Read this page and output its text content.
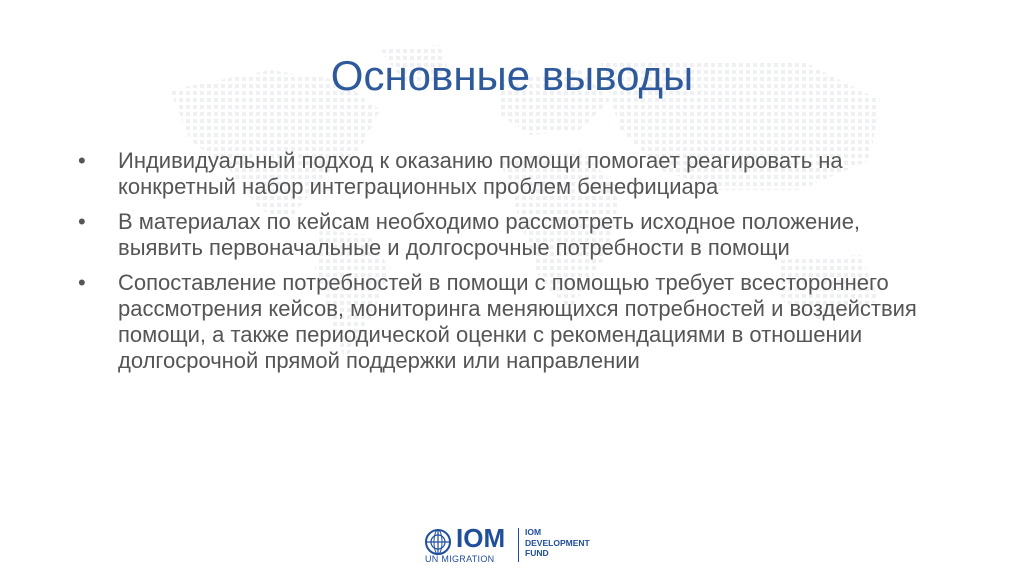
Основные выводы
•	Индивидуальный подход к оказанию помощи помогает реагировать на конкретный набор интеграционных проблем бенефициара
•	В материалах по кейсам необходимо рассмотреть исходное положение, выявить первоначальные и долгосрочные потребности в помощи
•	Сопоставление потребностей в помощи с помощью требует всестороннего рассмотрения кейсов, мониторинга меняющихся потребностей и воздействия помощи, а также периодической оценки с рекомендациями в отношении долгосрочной прямой поддержки или направлении
IOM
UN MIGRATION
IOM
DEVELOPMENT
FUND
